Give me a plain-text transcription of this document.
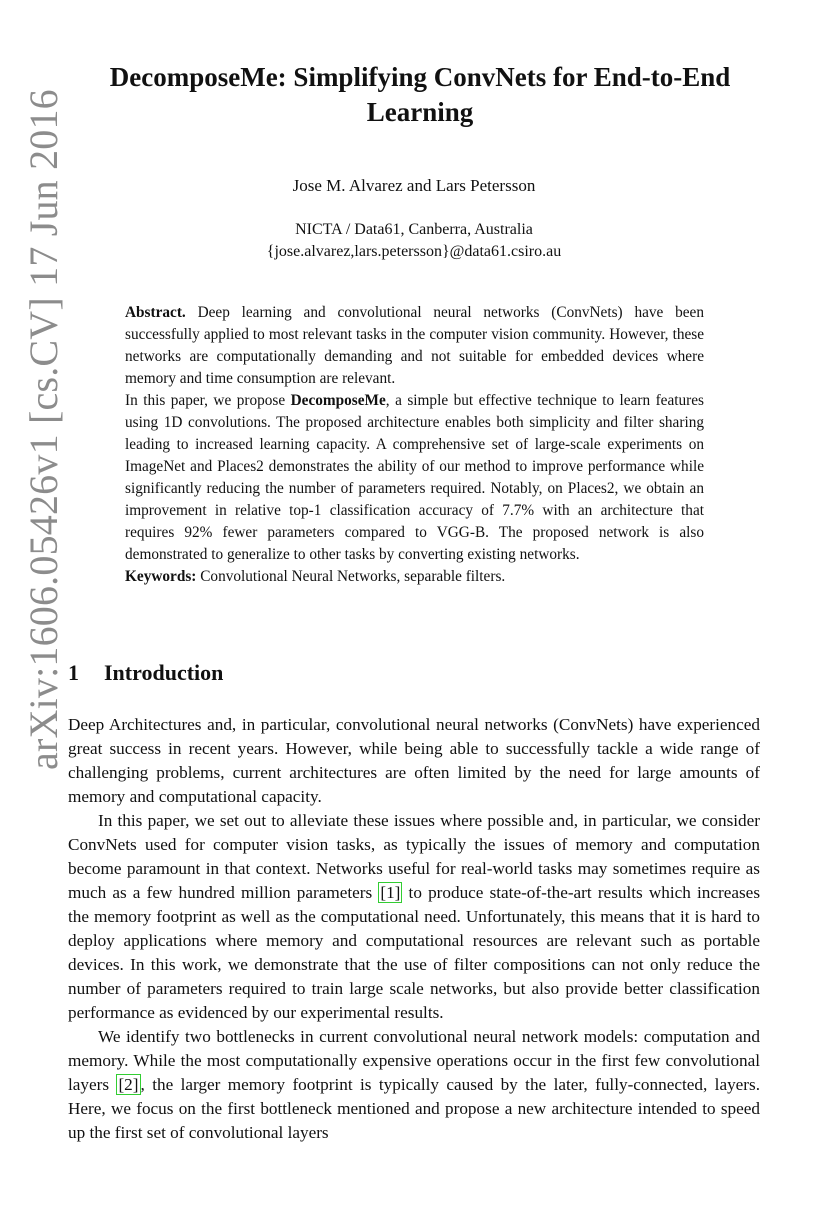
arXiv:1606.05426v1 [cs.CV] 17 Jun 2016
DecomposeMe: Simplifying ConvNets for End-to-End
Learning
Jose M. Alvarez and Lars Petersson
NICTA / Data61, Canberra, Australia
{jose.alvarez,lars.petersson}@data61.csiro.au

Abstract. Deep learning and convolutional neural networks (ConvNets) have been successfully applied to most relevant tasks in the computer vision community. However, these networks are computationally demanding and not suitable for embedded devices where memory and time consumption are relevant.

In this paper, we propose DecomposeMe, a simple but effective technique to learn features using 1D convolutions. The proposed architecture enables both simplicity and filter sharing leading to increased learning capacity. A comprehensive set of large-scale experiments on ImageNet and Places2 demonstrates the ability of our method to improve performance while significantly reducing the number of parameters required. Notably, on Places2, we obtain an improvement in relative top-1 classification accuracy of 7.7% with an architecture that requires 92% fewer parameters compared to VGG-B. The proposed network is also demonstrated to generalize to other tasks by converting existing networks.

Keywords: Convolutional Neural Networks, separable filters.

1 Introduction

Deep Architectures and, in particular, convolutional neural networks (ConvNets) have experienced great success in recent years. However, while being able to successfully tackle a wide range of challenging problems, current architectures are often limited by the need for large amounts of memory and computational capacity.

In this paper, we set out to alleviate these issues where possible and, in particular, we consider ConvNets used for computer vision tasks, as typically the issues of memory and computation become paramount in that context. Networks useful for real-world tasks may sometimes require as much as a few hundred million parameters [1] to produce state-of-the-art results which increases the memory footprint as well as the computational need. Unfortunately, this means that it is hard to deploy applications where memory and computational resources are relevant such as portable devices. In this work, we demonstrate that the use of filter compositions can not only reduce the number of parameters required to train large scale networks, but also provide better classification performance as evidenced by our experimental results.

We identify two bottlenecks in current convolutional neural network models: computation and memory. While the most computationally expensive operations occur in the first few convolutional layers [2] , the larger memory footprint is typically caused by the later, fully-connected, layers. Here, we focus on the first bottleneck mentioned and propose a new architecture intended to speed up the first set of convolutional layers
